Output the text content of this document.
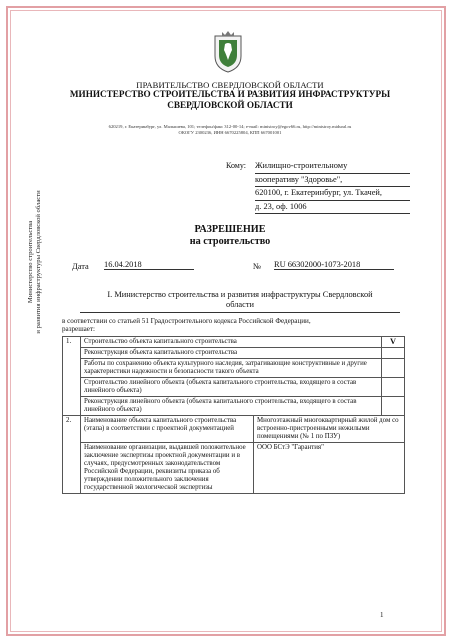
ПРАВИТЕЛЬСТВО СВЕРДЛОВСКОЙ ОБЛАСТИ
МИНИСТЕРСТВО СТРОИТЕЛЬСТВА И РАЗВИТИЯ ИНФРАСТРУКТУРЫ
СВЕРДЛОВСКОЙ ОБЛАСТИ
620219, г. Екатеринбург, ул. Малышева, 101; телефон/факс 312-00-14; e-mail: ministroy@egov66.ru, http://ministroy.midural.ru
ОКОГУ 2300236, ИНН 6670225804, КПП 667001001
Министерство строительства и развития инфраструктуры Свердловской области
Кому: Жилищно-строительному
кооперативу "Здоровье",
620100, г. Екатеринбург, ул. Ткачей,
д. 23, оф. 1006
РАЗРЕШЕНИЕ
на строительство
Дата 16.04.2018	№ RU 66302000-1073-2018
I. Министерство строительства и развития инфраструктуры Свердловской
области
в соответствии со статьей 51 Градостроительного кодекса Российской Федерации,
разрешает:
1.	Строительство объекта капитального строительства		V
	Реконструкция объекта капитального строительства		
	Работы по сохранению объекта культурного наследия, затрагивающие конструктивные и другие характеристики надежности и безопасности такого объекта		
	Строительство линейного объекта (объекта капитального строительства, входящего в состав линейного объекта)		
	Реконструкция линейного объекта (объекта капитального строительства, входящего в состав линейного объекта)		
2.	Наименование объекта капитального строительства (этапа) в соответствии с проектной документацией	Многоэтажный многоквартирный жилой дом со встроенно-пристроенными нежилыми помещениями (№ 1 по ПЗУ)	
	Наименование организации, выдавшей положительное заключение экспертизы проектной документации и в случаях, предусмотренных законодательством Российской Федерации, реквизиты приказа об утверждении положительного заключения государственной экологической экспертизы	ООО БСтЭ "Гарантия"	
1
